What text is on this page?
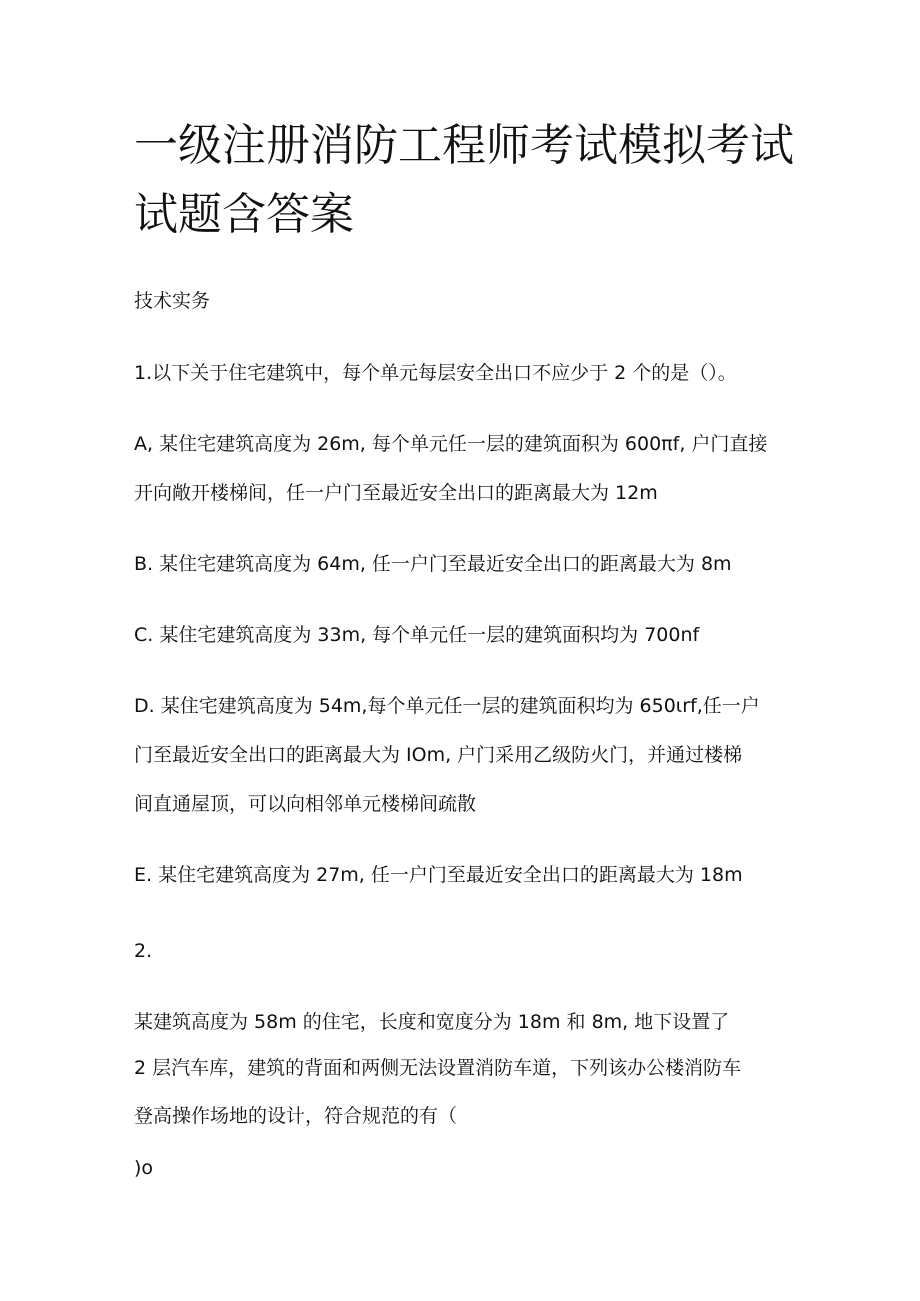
一级注册消防工程师考试模拟考试
试题含答案
技术实务
1.以下关于住宅建筑中，每个单元每层安全出口不应少于 2 个的是（）。
A, 某住宅建筑高度为 26m, 每个单元任一层的建筑面积为 600πf, 户门直接
开向敞开楼梯间，任一户门至最近安全出口的距离最大为 12m
B. 某住宅建筑高度为 64m, 任一户门至最近安全出口的距离最大为 8m
C. 某住宅建筑高度为 33m, 每个单元任一层的建筑面积均为 700nf
D. 某住宅建筑高度为 54m,每个单元任一层的建筑面积均为 650ιrf,任一户
门至最近安全出口的距离最大为 IOm, 户门采用乙级防火门，并通过楼梯
间直通屋顶，可以向相邻单元楼梯间疏散
E. 某住宅建筑高度为 27m, 任一户门至最近安全出口的距离最大为 18m
2.
某建筑高度为 58m 的住宅，长度和宽度分为 18m 和 8m, 地下设置了
2 层汽车库，建筑的背面和两侧无法设置消防车道，下列该办公楼消防车
登高操作场地的设计，符合规范的有（
)o
